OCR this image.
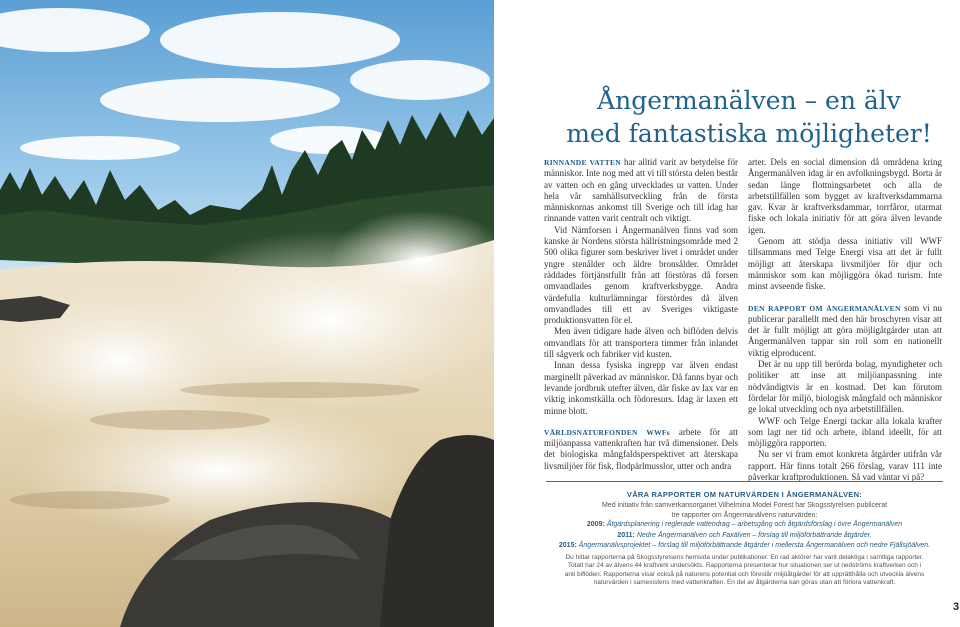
Ångermanälven – en älv
med fantastiska möjligheter!

RINNANDE VATTEN har alltid varit av betydelse för människor. Inte nog med att vi till största delen består av vatten och en gång utvecklades ur vatten. Under hela vår samhällsutveckling från de första människornas ankomst till Sverige och till idag har rinnande vatten varit centralt och viktigt.

Vid Nämforsen i Ångermanälven finns vad som kanske är Nordens största hällristningsområde med 2 500 olika figurer som beskriver livet i området under yngre stenålder och äldre bronsålder. Området räddades förtjänstfullt från att förstöras då forsen omvandlades genom kraftverksbygge. Andra värdefulla kulturlämningar förstördes då älven omvandlades till ett av Sveriges viktigaste produktionsvatten för el.

Men även tidigare hade älven och biflöden delvis omvandlats för att transportera timmer från inlandet till sågverk och fabriker vid kusten.

Innan dessa fysiska ingrepp var älven endast marginellt påverkad av människor. Då fanns byar och levande jordbruk utefter älven, där fiske av lax var en viktig inkomstkälla och födoresurs. Idag är laxen ett minne blott.

VÄRLDSNATURFONDEN WWFs arbete för att miljöanpassa vattenkraften har två dimensioner. Dels det biologiska mångfaldsperspektivet att återskapa livsmiljöer för fisk, flodpärlmusslor, utter och andra

arter. Dels en social dimension då områdena kring Ångermanälven idag är en avfolkningsbygd. Borta är sedan länge flottningsarbetet och alla de arbetstillfällen som bygget av kraftverksdammarna gav. Kvar är kraftverksdammar, torrfåror, utarmat fiske och lokala initiativ för att göra älven levande igen.

Genom att stödja dessa initiativ vill WWF tillsammans med Telge Energi visa att det är fullt möjligt att återskapa livsmiljöer för djur och människor som kan möjliggöra ökad turism. Inte minst avseende fiske.

DEN RAPPORT OM ÅNGERMANÄLVEN som vi nu publicerar parallellt med den här broschyren visar att det är fullt möjligt att göra möjligåtgärder utan att Ångermanälven tappar sin roll som en nationellt viktig elproducent.

Det är nu upp till berörda bolag, myndigheter och politiker att inse att miljöanpassning inte nödvändigtvis är en kostnad. Det kan förutom fördelar för miljö, biologisk mångfald och människor ge lokal utveckling och nya arbetstillfällen.

WWF och Telge Energi tackar alla lokala krafter som lagt ner tid och arbete, ibland ideellt, för att möjliggöra rapporten.

Nu ser vi fram emot konkreta åtgärder utifrån vår rapport. Här finns totalt 266 förslag, varav 111 inte påverkar kraftproduktionen. Så vad väntar vi på?

VÅRA RAPPORTER OM NATURVÄRDEN I ÅNGERMANÄLVEN:
Med initiativ från samverkansorganet Vilhelmina Model Forest har Skogsstyrelsen publicerat
tre rapporter om Ångermanälvens naturvärden:
2009: Åtgärdsplanering i reglerade vattendrag – arbetsgång och åtgärdsförslag i övre Ångermanälven
2011: Nedre Ångermanälven och Faxälven – förslag till miljöförbättrande åtgärder.
2015: Ångermanälvsprojektet – förslag till miljöförbättrande åtgärder i mellersta Ångermanälven och nedre Fjällsjöälven.
Du hittar rapporterna på Skogsstyrelsens hemsida under publikationer. En rad aktörer har varit delaktiga i samtliga rapporter.
Totalt har 24 av älvens 44 kraftverk undersökts. Rapporterna presenterar hur situationen ser ut nedströms kraftverken och i
anti biflöden. Rapporterna visar också på naturens potential och föreslår miljöåtgärder för att upprätthålla och utveckla älvens
naturvärden i samexistens med vattenkraften. En del av åtgärderna kan göras utan att förlora vattenkraft.
3
